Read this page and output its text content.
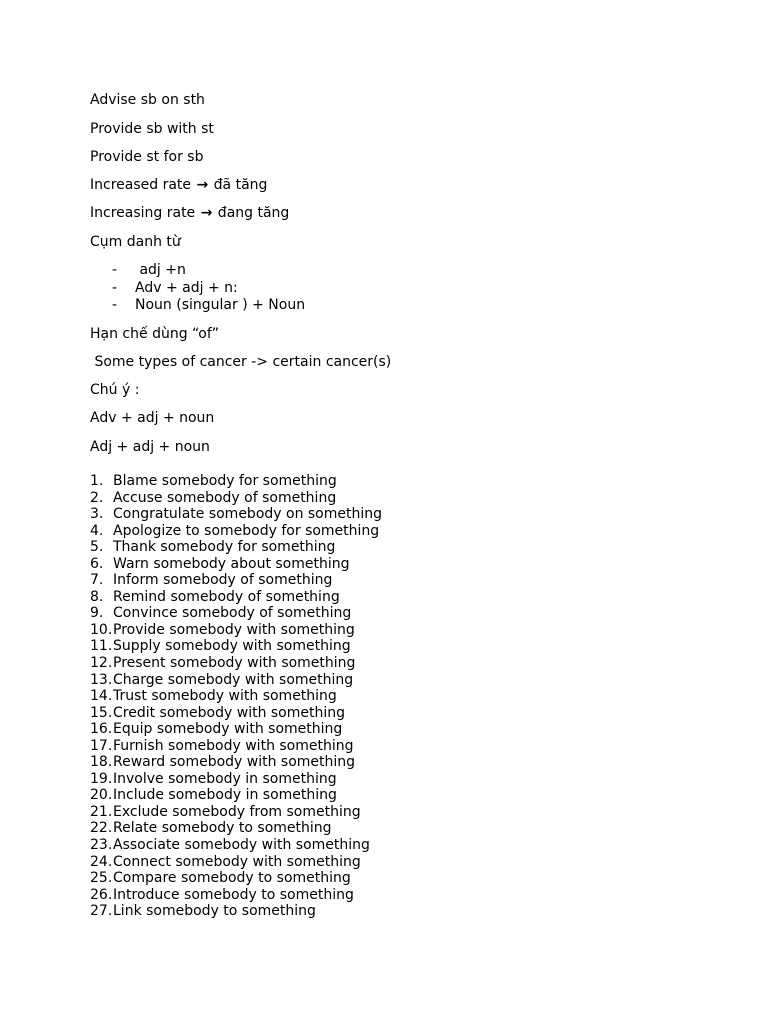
Advise sb on sth
Provide sb with st
Provide st for sb
Increased rate → đã tăng
Increasing rate → đang tăng
Cụm danh từ
- adj +n
- Adv + adj + n:
- Noun (singular ) + Noun
Hạn chế dùng “of”
Some types of cancer -> certain cancer(s)
Chú ý :
Adv + adj + noun
Adj + adj + noun
1. Blame somebody for something
2. Accuse somebody of something
3. Congratulate somebody on something
4. Apologize to somebody for something
5. Thank somebody for something
6. Warn somebody about something
7. Inform somebody of something
8. Remind somebody of something
9. Convince somebody of something
10. Provide somebody with something
11. Supply somebody with something
12. Present somebody with something
13. Charge somebody with something
14. Trust somebody with something
15. Credit somebody with something
16. Equip somebody with something
17. Furnish somebody with something
18. Reward somebody with something
19. Involve somebody in something
20. Include somebody in something
21. Exclude somebody from something
22. Relate somebody to something
23. Associate somebody with something
24. Connect somebody with something
25. Compare somebody to something
26. Introduce somebody to something
27. Link somebody to something
